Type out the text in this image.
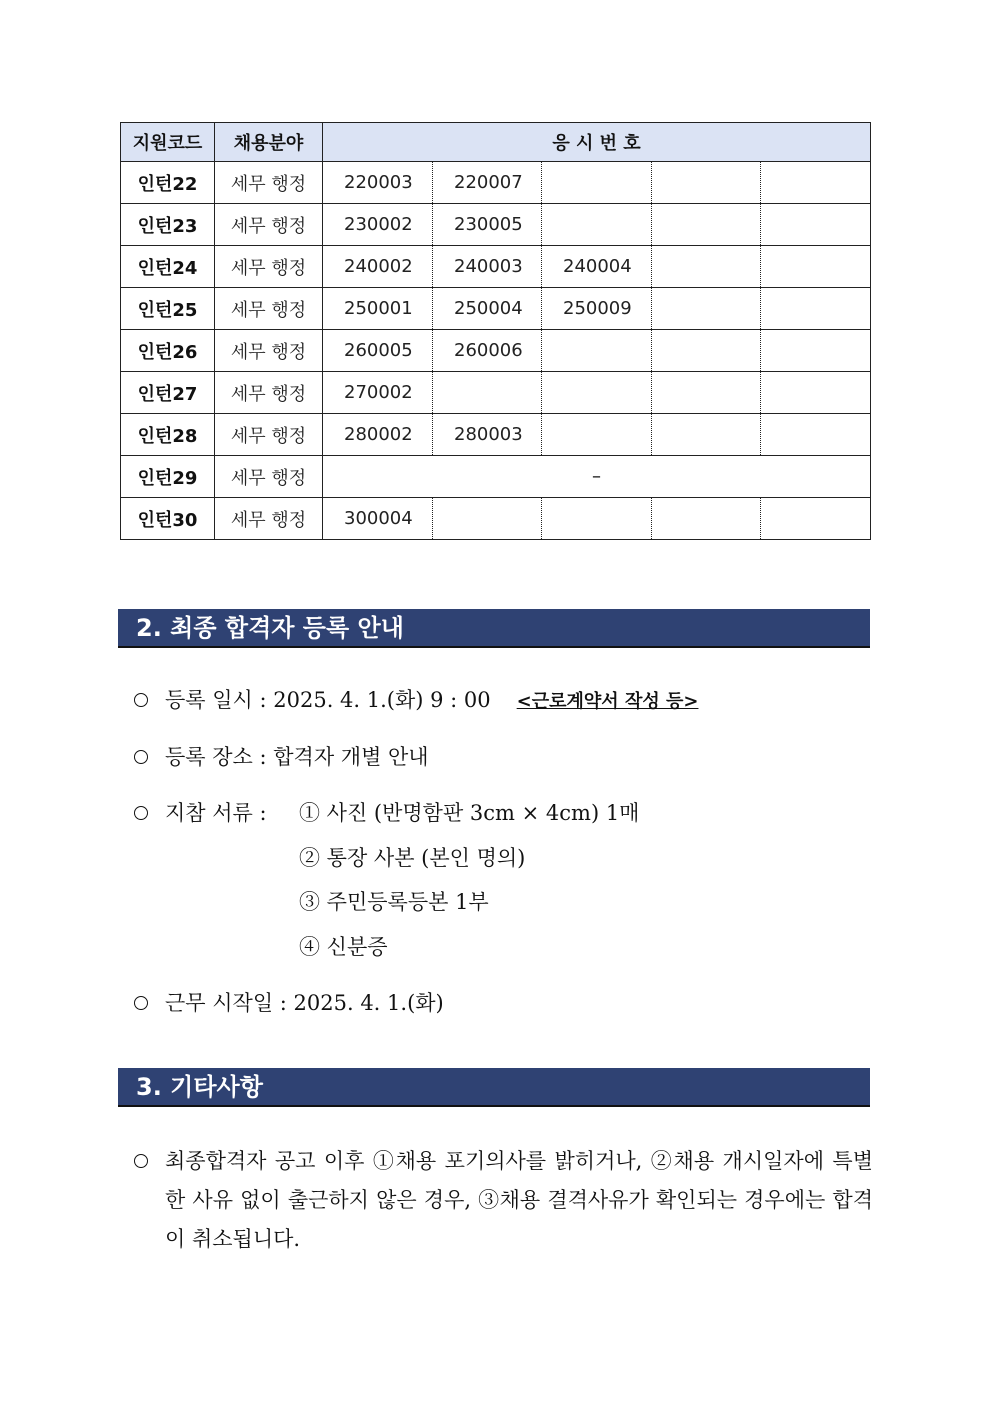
지원코드	채용분야	응 시 번 호				
인턴22	세무 행정	220003	220007			
인턴23	세무 행정	230002	230005			
인턴24	세무 행정	240002	240003	240004		
인턴25	세무 행정	250001	250004	250009		
인턴26	세무 행정	260005	260006			
인턴27	세무 행정	270002				
인턴28	세무 행정	280002	280003			
인턴29	세무 행정	–				
인턴30	세무 행정	300004				
2. 최종 합격자 등록 안내
등록 일시 : 2025. 4. 1.(화) 9 : 00 <근로계약서 작성 등>
등록 장소 : 합격자 개별 안내
지참 서류 : ① 사진 (반명함판 3cm × 4cm) 1매
② 통장 사본 (본인 명의)
③ 주민등록등본 1부
④ 신분증
근무 시작일 : 2025. 4. 1.(화)
3. 기타사항
최종합격자 공고 이후 ①채용 포기의사를 밝히거나, ②채용 개시일자에 특별한 사유 없이 출근하지 않은 경우, ③채용 결격사유가 확인되는 경우에는 합격이 취소됩니다.
